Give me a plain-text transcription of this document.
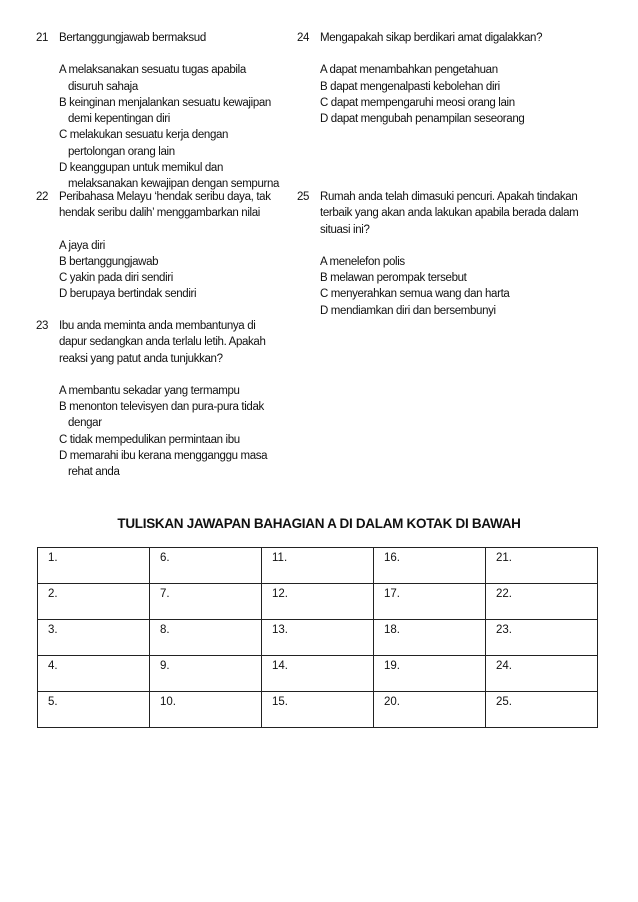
21 Bertanggungjawab bermaksud
A melaksanakan sesuatu tugas apabila disuruh sahaja
B keinginan menjalankan sesuatu kewajipan demi kepentingan diri
C melakukan sesuatu kerja dengan pertolongan orang lain
D keanggupan untuk memikul dan melaksanakan kewajipan dengan sempurna
22 Peribahasa Melayu ‘hendak seribu daya, tak hendak seribu dalih’ menggambarkan nilai
A jaya diri
B bertanggungjawab
C yakin pada diri sendiri
D berupaya bertindak sendiri
23 Ibu anda meminta anda membantunya di dapur sedangkan anda terlalu letih. Apakah reaksi yang patut anda tunjukkan?
A membantu sekadar yang termampu
B menonton televisyen dan pura-pura tidak dengar
C tidak mempedulikan permintaan ibu
D memarahi ibu kerana mengganggu masa rehat anda
24 Mengapakah sikap berdikari amat digalakkan?
A dapat menambahkan pengetahuan
B dapat mengenalpasti kebolehan diri
C dapat mempengaruhi meosi orang lain
D dapat mengubah penampilan seseorang
25 Rumah anda telah dimasuki pencuri. Apakah tindakan terbaik yang akan anda lakukan apabila berada dalam situasi ini?
A menelefon polis
B melawan perompak tersebut
C menyerahkan semua wang dan harta
D mendiamkan diri dan bersembunyi
TULISKAN JAWAPAN BAHAGIAN A DI DALAM KOTAK DI BAWAH
1.	6.	11.	16.	21.
2.	7.	12.	17.	22.
3.	8.	13.	18.	23.
4.	9.	14.	19.	24.
5.	10.	15.	20.	25.
